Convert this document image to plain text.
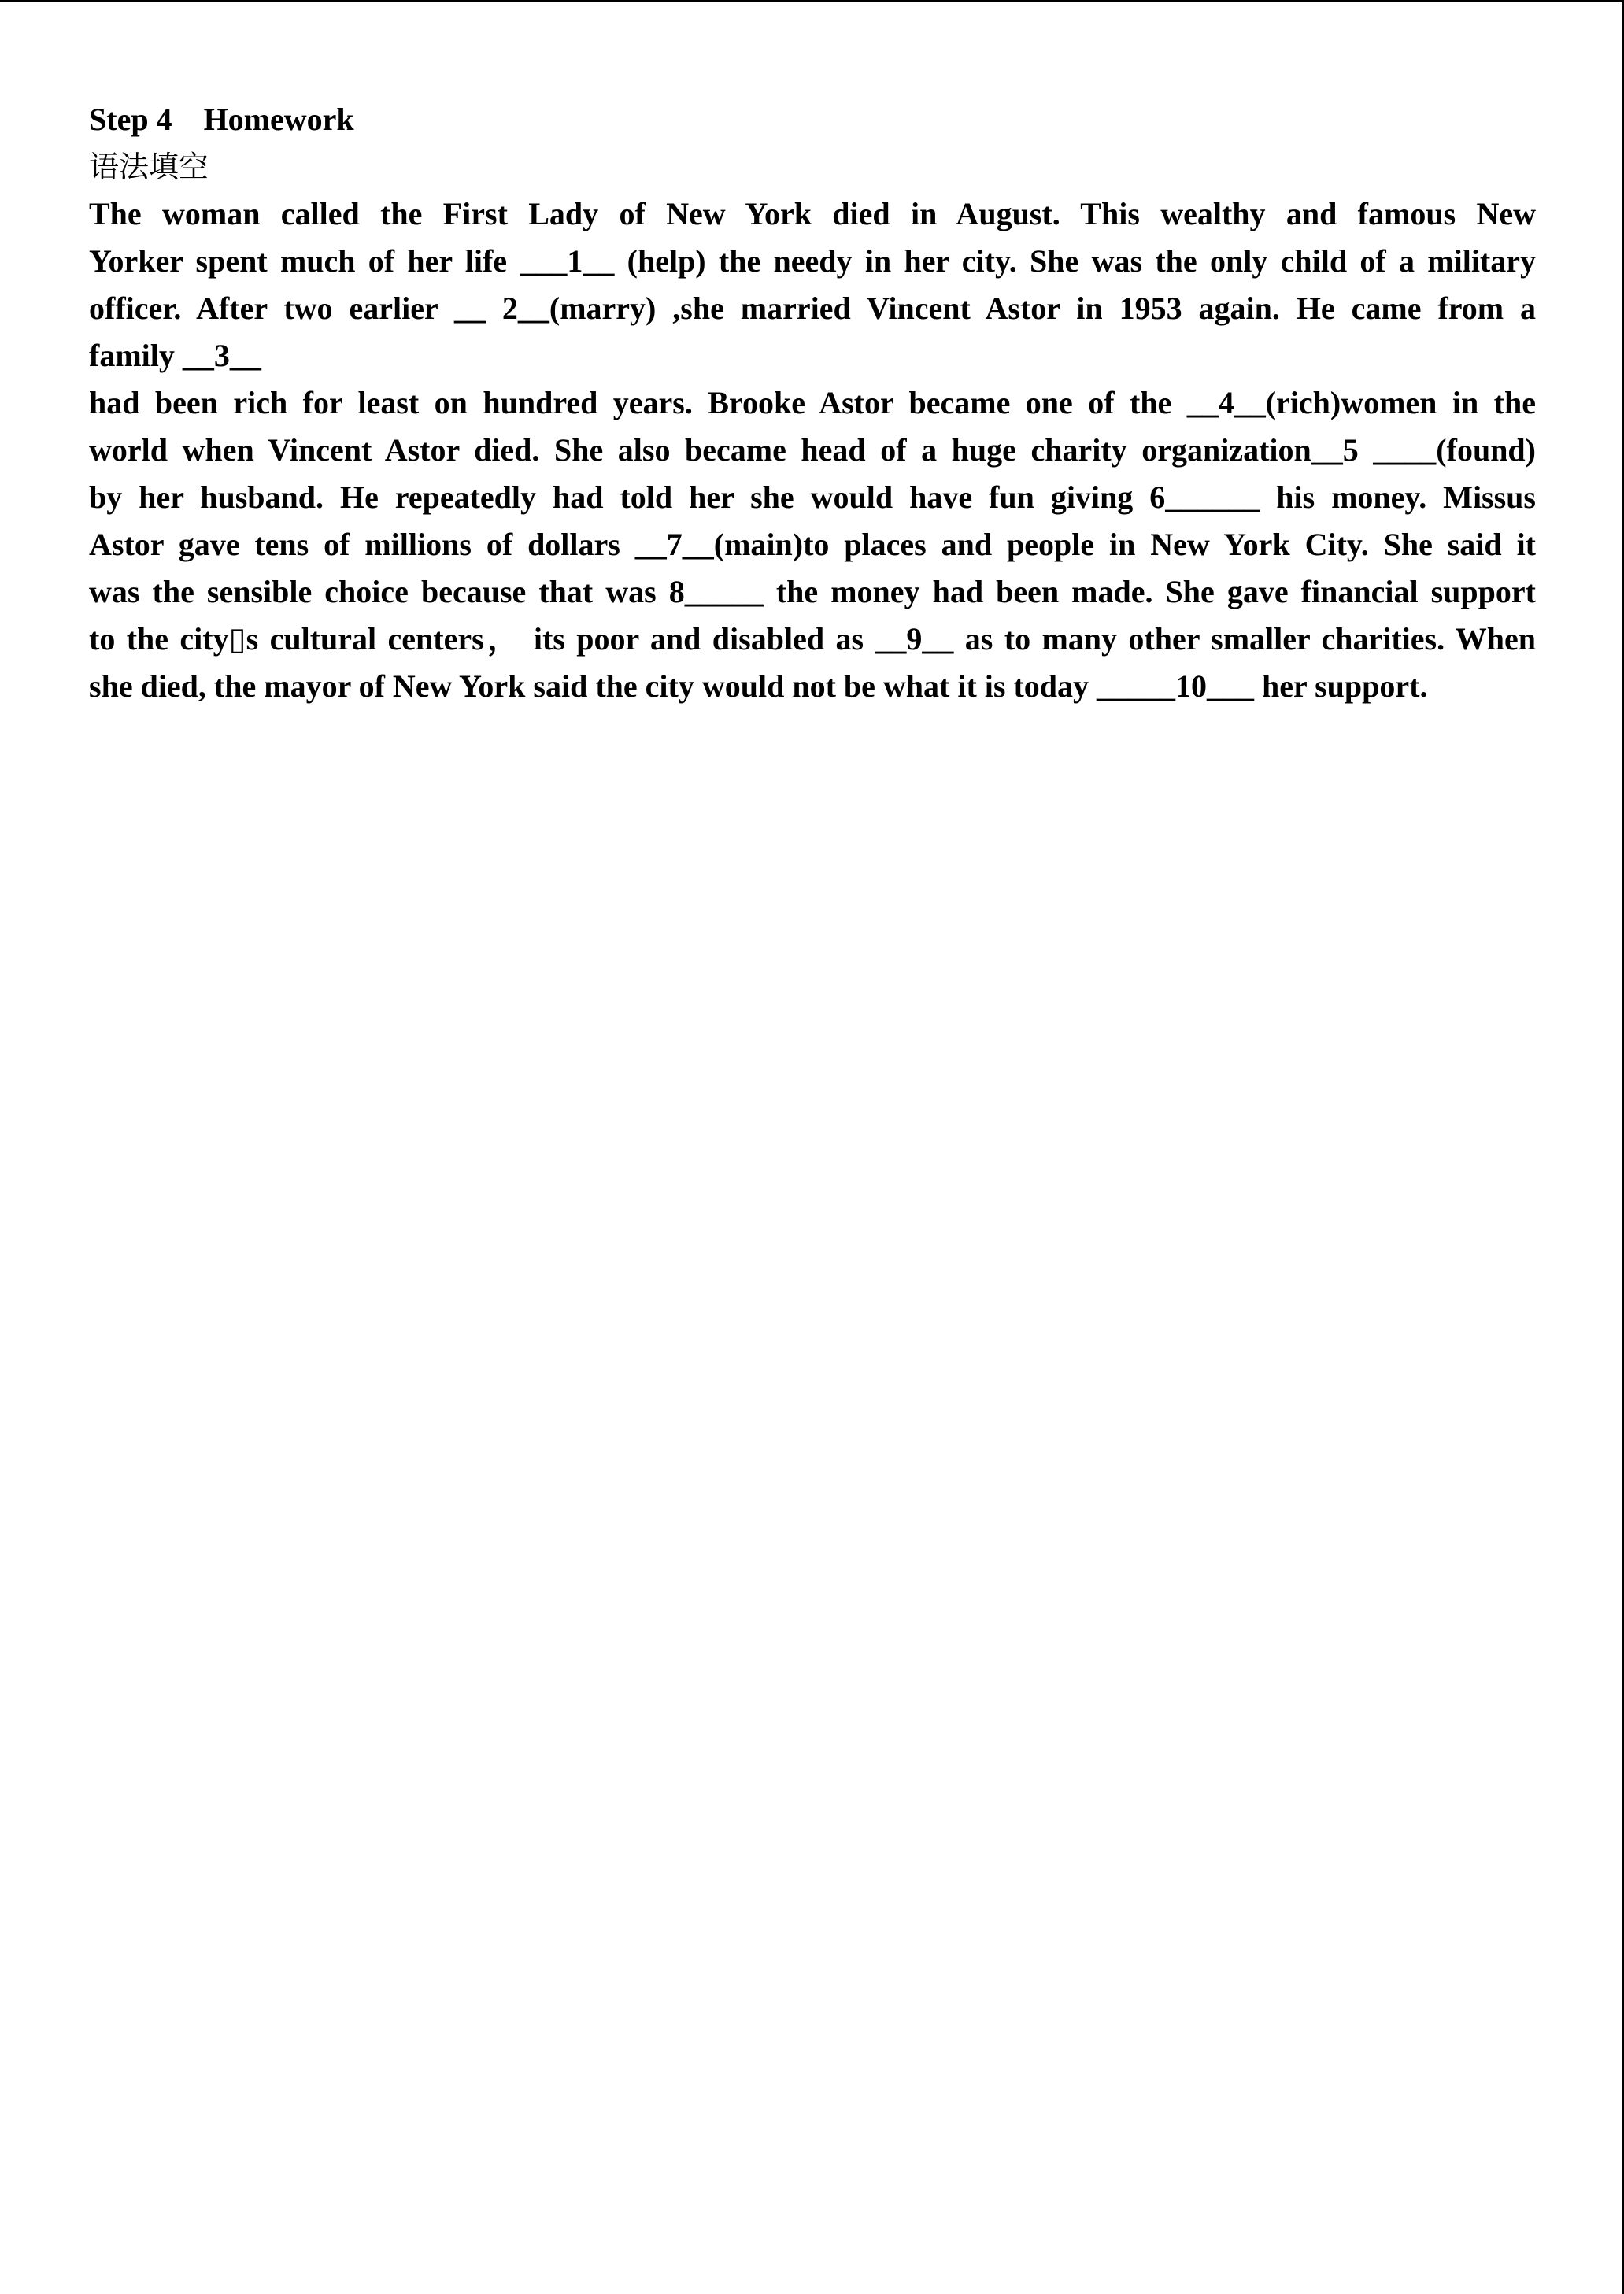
Step 4    Homework

语法填空

The woman called the First Lady of New York died in August. This wealthy and famous New
Yorker spent much of her life ___1__ (help) the needy in her city. She was the only child of a military
officer. After two earlier __ 2__(marry) ,she married Vincent Astor in 1953 again. He came from a
family __3__
had been rich for least on hundred years. Brooke Astor became one of the __4__(rich)women in the
world when Vincent Astor died. She also became head of a huge charity organization__5 ____(found)
by her husband. He repeatedly had told her she would have fun giving 6______ his money. Missus
Astor gave tens of millions of dollars __7__(main)to places and people in New York City. She said it
was the sensible choice because that was 8_____ the money had been made. She gave financial support
to the city▯s cultural centers， its poor and disabled as __9__ as to many other smaller charities. When
she died, the mayor of New York said the city would not be what it is today _____10___ her support.
